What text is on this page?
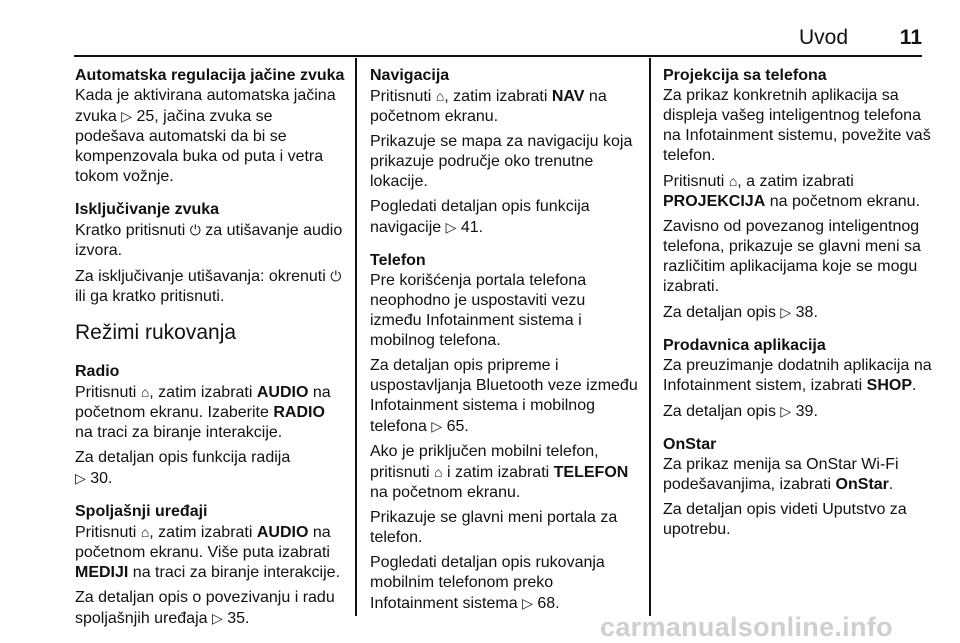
Uvod 11
Automatska regulacija jačine zvuka

Kada je aktivirana automatska jačina zvuka ▷ 25, jačina zvuka se podešava automatski da bi se kompenzovala buka od puta i vetra tokom vožnje.

Isključivanje zvuka

Kratko pritisnuti ⏻ za utišavanje audio izvora.

Za isključivanje utišavanja: okrenuti ⏻ ili ga kratko pritisnuti.

Režimi rukovanja
Radio

Pritisnuti ⌂, zatim izabrati AUDIO na početnom ekranu. Izaberite RADIO na traci za biranje interakcije.

Za detaljan opis funkcija radija
▷ 30.

Spoljašnji uređaji

Pritisnuti ⌂, zatim izabrati AUDIO na početnom ekranu. Više puta izabrati MEDIJI na traci za biranje interakcije.

Za detaljan opis o povezivanju i radu spoljašnjih uređaja ▷ 35.

Navigacija

Pritisnuti ⌂, zatim izabrati NAV na početnom ekranu.

Prikazuje se mapa za navigaciju koja prikazuje područje oko trenutne lokacije.

Pogledati detaljan opis funkcija navigacije ▷ 41.

Telefon

Pre korišćenja portala telefona neophodno je uspostaviti vezu između Infotainment sistema i mobilnog telefona.

Za detaljan opis pripreme i uspostavljanja Bluetooth veze između Infotainment sistema i mobilnog telefona ▷ 65.

Ako je priključen mobilni telefon, pritisnuti ⌂ i zatim izabrati TELEFON na početnom ekranu.

Prikazuje se glavni meni portala za telefon.

Pogledati detaljan opis rukovanja mobilnim telefonom preko Infotainment sistema ▷ 68.

Projekcija sa telefona

Za prikaz konkretnih aplikacija sa displeja vašeg inteligentnog telefona na Infotainment sistemu, povežite vaš telefon.

Pritisnuti ⌂, a zatim izabrati PROJEKCIJA na početnom ekranu.

Zavisno od povezanog inteligentnog telefona, prikazuje se glavni meni sa različitim aplikacijama koje se mogu izabrati.

Za detaljan opis ▷ 38.

Prodavnica aplikacija

Za preuzimanje dodatnih aplikacija na Infotainment sistem, izabrati SHOP.

Za detaljan opis ▷ 39.

OnStar

Za prikaz menija sa OnStar Wi-Fi podešavanjima, izabrati OnStar.

Za detaljan opis videti Uputstvo za upotrebu.

carmanualsonline.info
